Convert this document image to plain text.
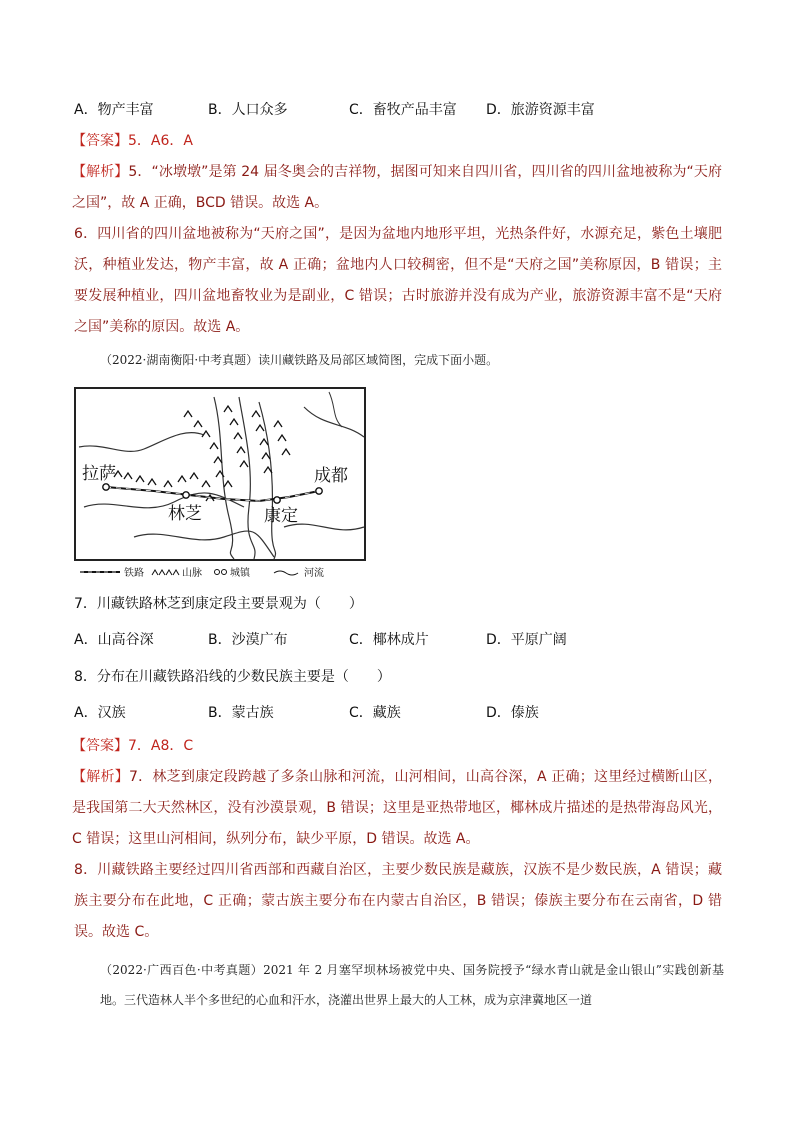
A．物产丰富	B．人口众多	C．畜牧产品丰富 D．旅游资源丰富
【答案】5．A6．A
【解析】5．“冰墩墩”是第 24 届冬奥会的吉祥物，据图可知来自四川省，四川省的四川盆地被称为“天府之国”，故 A 正确，BCD 错误。故选 A。
6．四川省的四川盆地被称为“天府之国”，是因为盆地内地形平坦，光热条件好，水源充足，紫色土壤肥沃，种植业发达，物产丰富，故 A 正确；盆地内人口较稠密，但不是“天府之国”美称原因，B 错误；主要发展种植业，四川盆地畜牧业为是副业，C 错误；古时旅游并没有成为产业，旅游资源丰富不是“天府之国”美称的原因。故选 A。
（2022·湖南衡阳·中考真题）读川藏铁路及局部区域简图，完成下面小题。
拉萨
林芝	康定
成都
铁路	山脉	城镇	河流
7．川藏铁路林芝到康定段主要景观为（　　）
A．山高谷深	B．沙漠广布	C．椰林成片	D．平原广阔
8．分布在川藏铁路沿线的少数民族主要是（　　）
A．汉族	B．蒙古族	C．藏族	D．傣族
【答案】7．A8．C
【解析】7．林芝到康定段跨越了多条山脉和河流，山河相间，山高谷深，A 正确；这里经过横断山区，是我国第二大天然林区，没有沙漠景观，B 错误；这里是亚热带地区，椰林成片描述的是热带海岛风光，C 错误；这里山河相间，纵列分布，缺少平原，D 错误。故选 A。
8．川藏铁路主要经过四川省西部和西藏自治区，主要少数民族是藏族，汉族不是少数民族，A 错误；藏族主要分布在此地，C 正确；蒙古族主要分布在内蒙古自治区，B 错误；傣族主要分布在云南省，D 错误。故选 C。
（2022·广西百色·中考真题）2021 年 2 月塞罕坝林场被党中央、国务院授予“绿水青山就是金山银山”实践创新基地。三代造林人半个多世纪的心血和汗水，浇灌出世界上最大的人工林，成为京津冀地区一道
